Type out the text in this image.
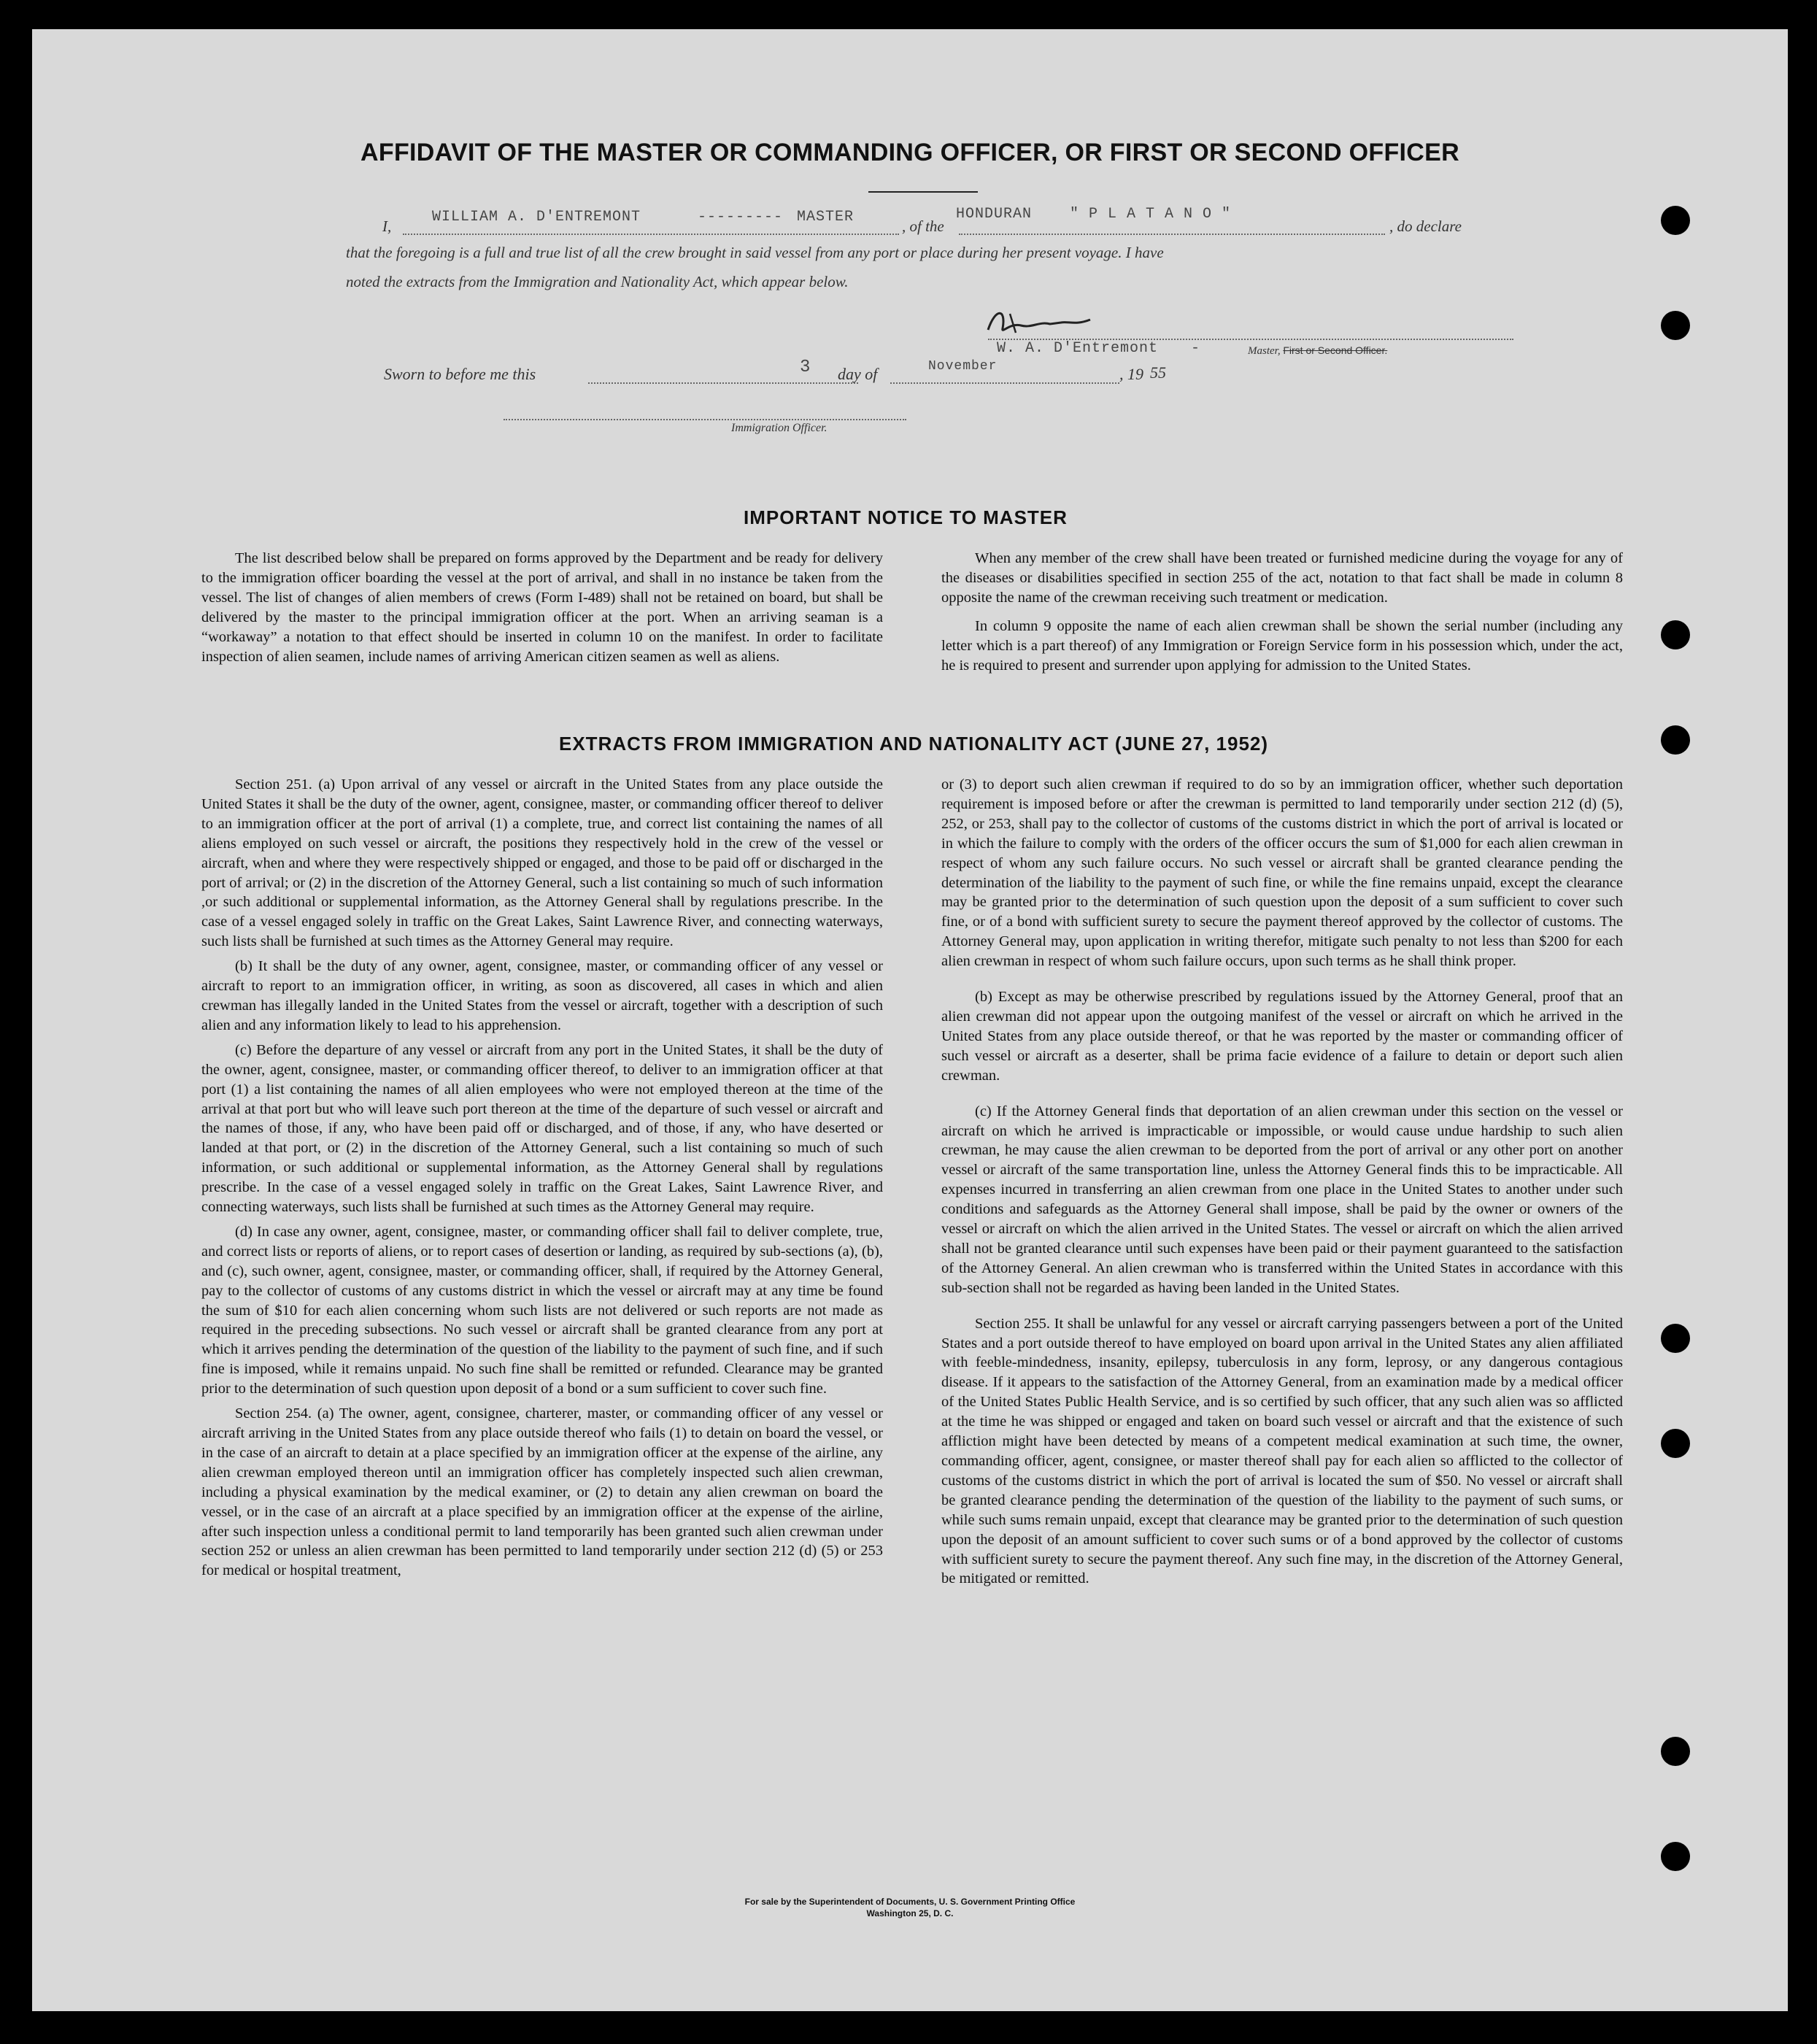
AFFIDAVIT OF THE MASTER OR COMMANDING OFFICER, OR FIRST OR SECOND OFFICER
I,
WILLIAM A. D'ENTREMONT	--------- MASTER
, of the
HONDURAN    " P L A T A N O "
, do declare
that the foregoing is a full and true list of all the crew brought in said vessel from any port or place during her present voyage. I have
noted the extracts from the Immigration and Nationality Act, which appear below.
W. A. D'Entremont -	Master, First or Second Officer.
Sworn to before me this	3 day of	November	, 19 55
Immigration Officer.
IMPORTANT NOTICE TO MASTER

The list described below shall be prepared on forms approved by the Department and be ready for delivery to the immigration officer boarding the vessel at the port of arrival, and shall in no instance be taken from the vessel. The list of changes of alien members of crews (Form I-489) shall not be retained on board, but shall be delivered by the master to the principal immigration officer at the port. When an arriving seaman is a “workaway” a notation to that effect should be inserted in column 10 on the manifest. In order to facilitate inspection of alien seamen, include names of arriving American citizen seamen as well as aliens.

When any member of the crew shall have been treated or furnished medicine during the voyage for any of the diseases or disabilities specified in section 255 of the act, notation to that fact shall be made in column 8 opposite the name of the crewman receiving such treatment or medication.

In column 9 opposite the name of each alien crewman shall be shown the serial number (including any letter which is a part thereof) of any Immigration or Foreign Service form in his possession which, under the act, he is required to present and surrender upon applying for admission to the United States.

EXTRACTS FROM IMMIGRATION AND NATIONALITY ACT (JUNE 27, 1952)

Section 251. (a) Upon arrival of any vessel or aircraft in the United States from any place outside the United States it shall be the duty of the owner, agent, consignee, master, or commanding officer thereof to deliver to an immigration officer at the port of arrival (1) a complete, true, and correct list containing the names of all aliens employed on such vessel or aircraft, the positions they respectively hold in the crew of the vessel or aircraft, when and where they were respectively shipped or engaged, and those to be paid off or discharged in the port of arrival; or (2) in the discretion of the Attorney General, such a list containing so much of such information ,or such additional or supplemental information, as the Attorney General shall by regulations prescribe. In the case of a vessel engaged solely in traffic on the Great Lakes, Saint Lawrence River, and connecting waterways, such lists shall be furnished at such times as the Attorney General may require.

(b) It shall be the duty of any owner, agent, consignee, master, or commanding officer of any vessel or aircraft to report to an immigration officer, in writing, as soon as discovered, all cases in which and alien crewman has illegally landed in the United States from the vessel or aircraft, together with a description of such alien and any information likely to lead to his apprehension.

(c) Before the departure of any vessel or aircraft from any port in the United States, it shall be the duty of the owner, agent, consignee, master, or commanding officer thereof, to deliver to an immigration officer at that port (1) a list containing the names of all alien employees who were not employed thereon at the time of the arrival at that port but who will leave such port thereon at the time of the departure of such vessel or aircraft and the names of those, if any, who have been paid off or discharged, and of those, if any, who have deserted or landed at that port, or (2) in the discretion of the Attorney General, such a list containing so much of such information, or such additional or supplemental information, as the Attorney General shall by regulations prescribe. In the case of a vessel engaged solely in traffic on the Great Lakes, Saint Lawrence River, and connecting waterways, such lists shall be furnished at such times as the Attorney General may require.

(d) In case any owner, agent, consignee, master, or commanding officer shall fail to deliver complete, true, and correct lists or reports of aliens, or to report cases of desertion or landing, as required by sub-sections (a), (b), and (c), such owner, agent, consignee, master, or commanding officer, shall, if required by the Attorney General, pay to the collector of customs of any customs district in which the vessel or aircraft may at any time be found the sum of $10 for each alien concerning whom such lists are not delivered or such reports are not made as required in the preceding subsections. No such vessel or aircraft shall be granted clearance from any port at which it arrives pending the determination of the question of the liability to the payment of such fine, and if such fine is imposed, while it remains unpaid. No such fine shall be remitted or refunded. Clearance may be granted prior to the determination of such question upon deposit of a bond or a sum sufficient to cover such fine.

Section 254. (a) The owner, agent, consignee, charterer, master, or commanding officer of any vessel or aircraft arriving in the United States from any place outside thereof who fails (1) to detain on board the vessel, or in the case of an aircraft to detain at a place specified by an immigration officer at the expense of the airline, any alien crewman employed thereon until an immigration officer has completely inspected such alien crewman, including a physical examination by the medical examiner, or (2) to detain any alien crewman on board the vessel, or in the case of an aircraft at a place specified by an immigration officer at the expense of the airline, after such inspection unless a conditional permit to land temporarily has been granted such alien crewman under section 252 or unless an alien crewman has been permitted to land temporarily under section 212 (d) (5) or 253 for medical or hospital treatment,

or (3) to deport such alien crewman if required to do so by an immigration officer, whether such deportation requirement is imposed before or after the crewman is permitted to land temporarily under section 212 (d) (5), 252, or 253, shall pay to the collector of customs of the customs district in which the port of arrival is located or in which the failure to comply with the orders of the officer occurs the sum of $1,000 for each alien crewman in respect of whom any such failure occurs. No such vessel or aircraft shall be granted clearance pending the determination of the liability to the payment of such fine, or while the fine remains unpaid, except the clearance may be granted prior to the determination of such question upon the deposit of a sum sufficient to cover such fine, or of a bond with sufficient surety to secure the payment thereof approved by the collector of customs. The Attorney General may, upon application in writing therefor, mitigate such penalty to not less than $200 for each alien crewman in respect of whom such failure occurs, upon such terms as he shall think proper.

(b) Except as may be otherwise prescribed by regulations issued by the Attorney General, proof that an alien crewman did not appear upon the outgoing manifest of the vessel or aircraft on which he arrived in the United States from any place outside thereof, or that he was reported by the master or commanding officer of such vessel or aircraft as a deserter, shall be prima facie evidence of a failure to detain or deport such alien crewman.

(c) If the Attorney General finds that deportation of an alien crewman under this section on the vessel or aircraft on which he arrived is impracticable or impossible, or would cause undue hardship to such alien crewman, he may cause the alien crewman to be deported from the port of arrival or any other port on another vessel or aircraft of the same transportation line, unless the Attorney General finds this to be impracticable. All expenses incurred in transferring an alien crewman from one place in the United States to another under such conditions and safeguards as the Attorney General shall impose, shall be paid by the owner or owners of the vessel or aircraft on which the alien arrived in the United States. The vessel or aircraft on which the alien arrived shall not be granted clearance until such expenses have been paid or their payment guaranteed to the satisfaction of the Attorney General. An alien crewman who is transferred within the United States in accordance with this sub-section shall not be regarded as having been landed in the United States.

Section 255. It shall be unlawful for any vessel or aircraft carrying passengers between a port of the United States and a port outside thereof to have employed on board upon arrival in the United States any alien affiliated with feeble-mindedness, insanity, epilepsy, tuberculosis in any form, leprosy, or any dangerous contagious disease. If it appears to the satisfaction of the Attorney General, from an examination made by a medical officer of the United States Public Health Service, and is so certified by such officer, that any such alien was so afflicted at the time he was shipped or engaged and taken on board such vessel or aircraft and that the existence of such affliction might have been detected by means of a competent medical examination at such time, the owner, commanding officer, agent, consignee, or master thereof shall pay for each alien so afflicted to the collector of customs of the customs district in which the port of arrival is located the sum of $50. No vessel or aircraft shall be granted clearance pending the determination of the question of the liability to the payment of such sums, or while such sums remain unpaid, except that clearance may be granted prior to the determination of such question upon the deposit of an amount sufficient to cover such sums or of a bond approved by the collector of customs with sufficient surety to secure the payment thereof. Any such fine may, in the discretion of the Attorney General, be mitigated or remitted.

For sale by the Superintendent of Documents, U. S. Government Printing Office
Washington 25, D. C.
